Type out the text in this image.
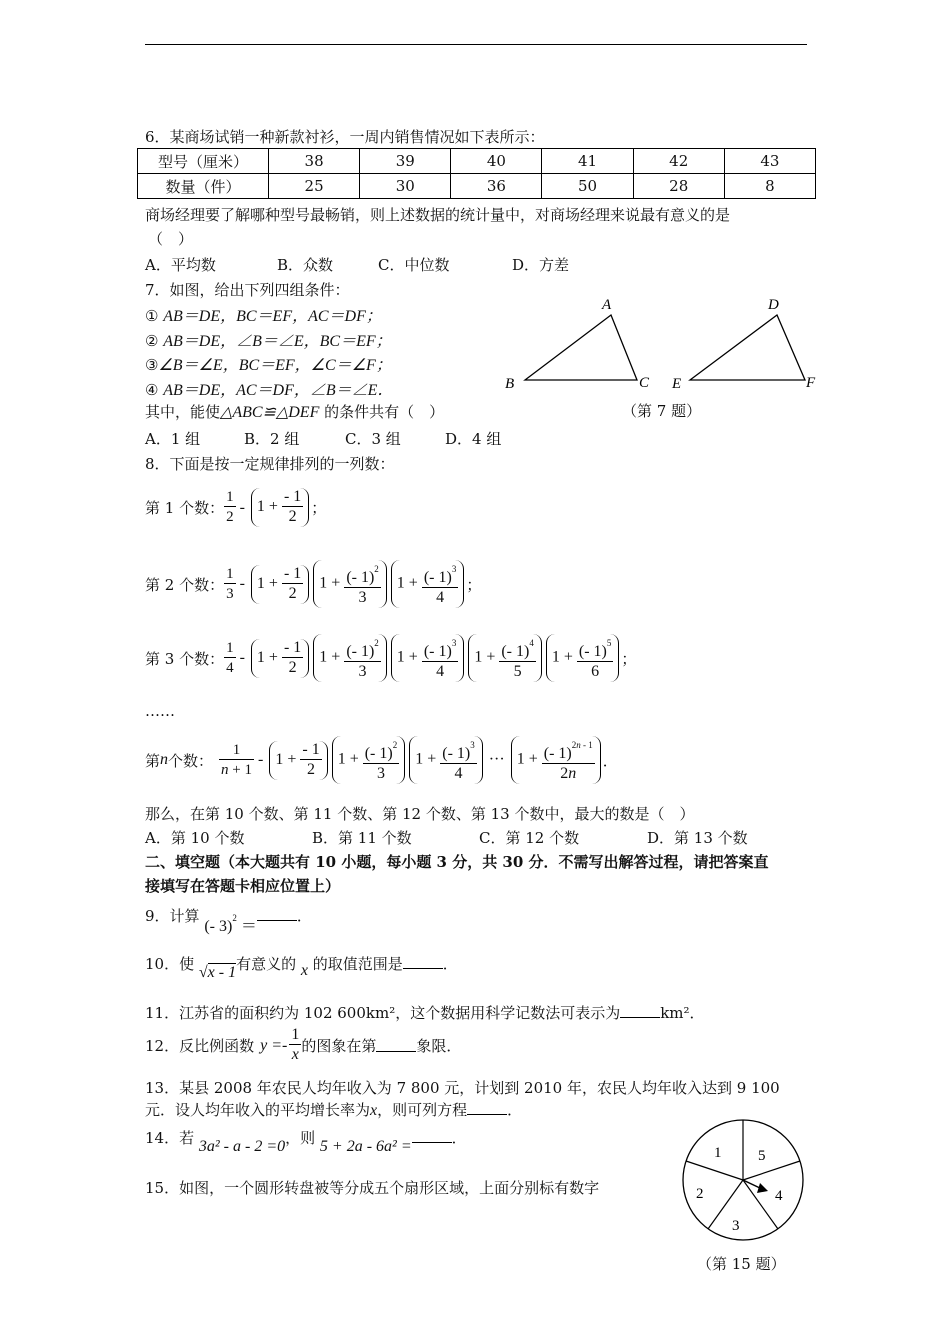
6．某商场试销一种新款衬衫，一周内销售情况如下表所示：
型号（厘米）	38	39	40	41	42	43
数量（件）	25	30	36	50	28	8
商场经理要了解哪种型号最畅销，则上述数据的统计量中，对商场经理来说最有意义的是
（　）
A．平均数	B．众数	C．中位数	D．方差
7．如图，给出下列四组条件：
① AB＝DE，BC＝EF，AC＝DF；
② AB＝DE，∠B＝∠E，BC＝EF；
③∠B＝∠E，BC＝EF，∠C＝∠F；
④ AB＝DE，AC＝DF，∠B＝∠E．
其中，能使△ABC≌△DEF 的条件共有（　）
A．1 组	B．2 组	C．3 组	D．4 组
A
B	C
D
E	F
（第 7 题）
8．下面是按一定规律排列的一列数：
第 1 个数： $\frac{1}{2} - 1 + \frac{- 1}{2}$ ；
第 2 个数： $\frac{1}{3} - 1 + \frac{- 1}{2}$	$1 + \frac{(- 1)^2}{3}$	$1 + \frac{(- 1)^3}{4}$ ；
第 3 个数： $\frac{1}{4} - 1 + \frac{- 1}{2}$	$1 + \frac{(- 1)^2}{3}$	$1 + \frac{(- 1)^3}{4}$	$1 + \frac{(- 1)^4}{5}$	$1 + \frac{(- 1)^5}{6}$ ；
……
第 n 个数： $\frac{1}{n + 1} - 1 + \frac{- 1}{2}$	$1 + \frac{(- 1)^2}{3}$	$1 + \frac{(- 1)^3}{4}$ ··· $1 + \frac{(- 1)^{2n - 1}}{2n}$ ．
那么，在第 10 个数、第 11 个数、第 12 个数、第 13 个数中，最大的数是（　）
A．第 10 个数	B．第 11 个数	C．第 12 个数	D．第 13 个数
二、填空题（本大题共有 10 小题，每小题 3 分，共 30 分．不需写出解答过程，请把答案直
接填写在答题卡相应位置上）
9．计算 (- 3)$^2$ ＝．
10．使 √x - 1有意义的 x 的取值范围是	．
11．江苏省的面积约为 102 600km²，这个数据用科学记数法可表示为	km²．
12．反比例函数 $y =- \frac{1}{x}$ 的图象在第	象限．
13．某县 2008 年农民人均年收入为 7 800 元，计划到 2010 年，农民人均年收入达到 9 100
元．设人均年收入的平均增长率为x，则可列方程	．
14．若 3a² - a - 2 =0，则 5 + 2a - 6a² =	．
15．如图，一个圆形转盘被等分成五个扇形区域，上面分别标有数字
1 5
4
3
2
（第 15 题）
